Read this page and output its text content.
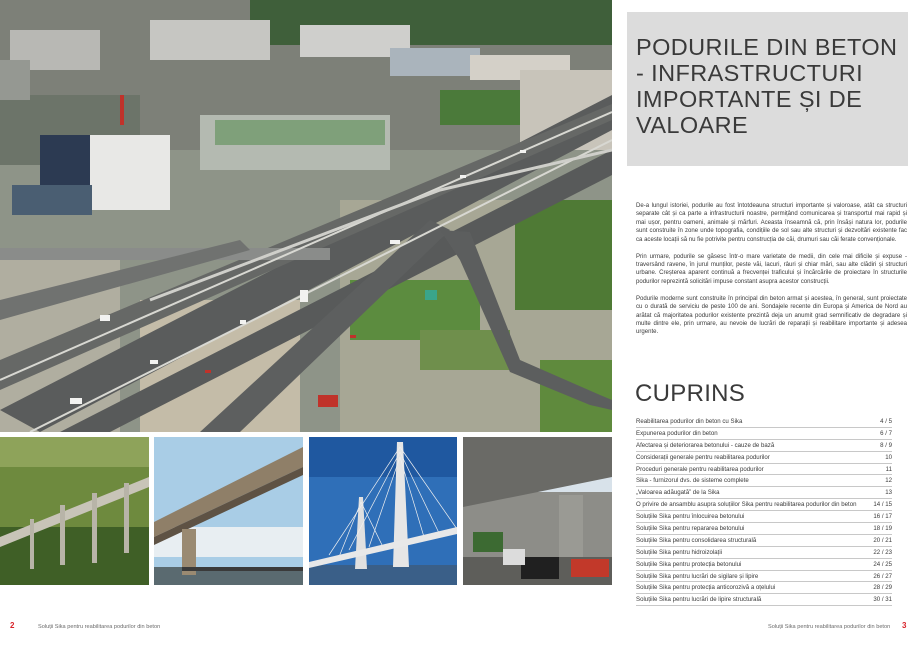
PODURILE DIN BETON - INFRASTRUCTURI IMPORTANTE ȘI DE VALOARE

De-a lungul istoriei, podurile au fost întotdeauna structuri importante și valoroase, atât ca structuri separate cât și ca parte a infrastructurii noastre, permițând comunicarea și transportul mai rapid și mai ușor, pentru oameni, animale și mărfuri. Aceasta înseamnă că, prin însăși natura lor, podurile sunt construite în zone unde topografia, condițiile de sol sau alte structuri și dezvoltări existente fac ca aceste locații să nu fie potrivite pentru construcția de căi, drumuri sau căi ferate convenționale.

Prin urmare, podurile se găsesc într-o mare varietate de medii, din cele mai dificile și expuse - traversând ravene, în jurul munților, peste văi, lacuri, râuri și chiar mări, sau alte clădiri și structuri urbane. Creșterea aparent continuă a frecvenței traficului și încărcările de proiectare în structurile podurilor reprezintă solicitări impuse constant asupra acestor construcții.

Podurile moderne sunt construite în principal din beton armat și acestea, în general, sunt proiectate cu o durată de serviciu de peste 100 de ani. Sondajele recente din Europa și America de Nord au arătat că majoritatea podurilor existente prezintă deja un anumit grad semnificativ de degradare și multe dintre ele, prin urmare, au nevoie de lucrări de reparații și reabilitare importante și adesea urgente.

CUPRINS
Reabilitarea podurilor din beton cu Sika	4 / 5
Expunerea podurilor din beton	6 / 7
Afectarea și deteriorarea betonului - cauze de bază	8 / 9
Considerații generale pentru reabilitarea podurilor	10
Proceduri generale pentru reabilitarea podurilor	11
Sika - furnizorul dvs. de sisteme complete	12
„Valoarea adăugată” de la Sika	13
O privire de ansamblu asupra soluțiilor Sika pentru reabilitarea podurilor din beton	14 / 15
Soluțiile Sika pentru înlocuirea betonului	16 / 17
Soluțiile Sika pentru repararea betonului	18 / 19
Soluțiile Sika pentru consolidarea structurală	20 / 21
Soluțiile Sika pentru hidroizolații	22 / 23
Soluțiile Sika pentru protecția betonului	24 / 25
Soluțiile Sika pentru lucrări de sigilare și lipire	26 / 27
Soluțiile Sika pentru protecția anticorozivă a oțelului	28 / 29
Soluțiile Sika pentru lucrări de lipire structurală	30 / 31
2	Soluții Sika pentru reabilitarea podurilor din beton	Soluții Sika pentru reabilitarea podurilor din beton 3
